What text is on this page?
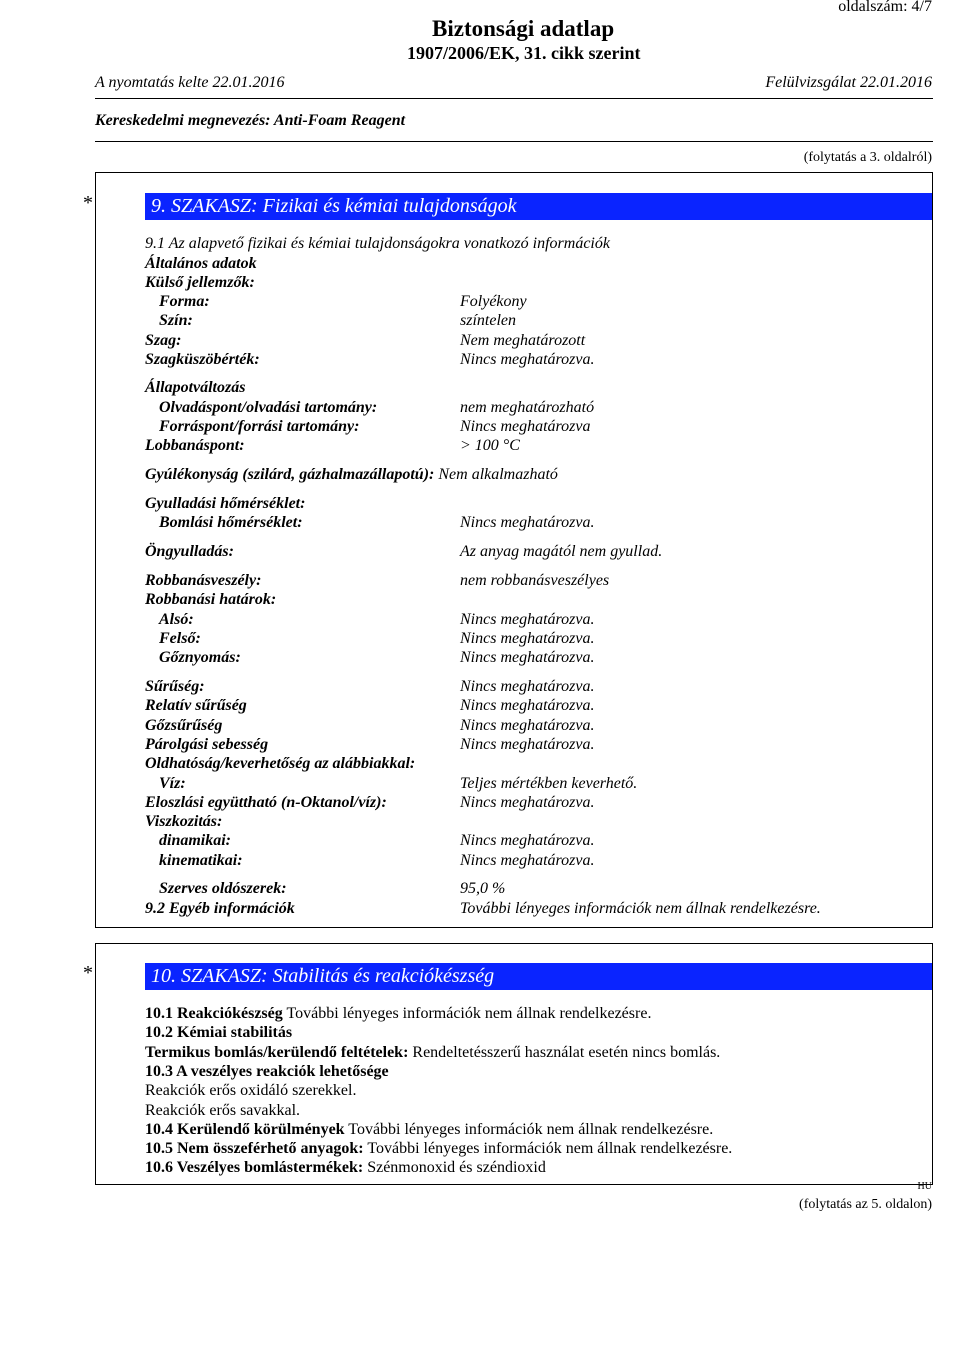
oldalszám: 4/7
Biztonsági adatlap
1907/2006/EK, 31. cikk szerint
A nyomtatás kelte 22.01.2016	Felülvizsgálat 22.01.2016
Kereskedelmi megnevezés: Anti-Foam Reagent
(folytatás a 3. oldalról)
*	9. SZAKASZ: Fizikai és kémiai tulajdonságok
9.1 Az alapvető fizikai és kémiai tulajdonságokra vonatkozó információk
Általános adatok
Külső jellemzők:
Forma:	Folyékony
Szín:	színtelen
Szag:	Nem meghatározott
Szagküszöbérték:	Nincs meghatározva.
Állapotváltozás
Olvadáspont/olvadási tartomány:	nem meghatározható
Forráspont/forrási tartomány:	Nincs meghatározva
Lobbanáspont:	> 100 °C
Gyúlékonyság (szilárd, gázhalmazállapotú): Nem alkalmazható
Gyulladási hőmérséklet:
Bomlási hőmérséklet:	Nincs meghatározva.
Öngyulladás:	Az anyag magától nem gyullad.
Robbanásveszély:	nem robbanásveszélyes
Robbanási határok:
Alsó:	Nincs meghatározva.
Felső:	Nincs meghatározva.
Gőznyomás:	Nincs meghatározva.
Sűrűség:	Nincs meghatározva.
Relatív sűrűség	Nincs meghatározva.
Gőzsűrűség	Nincs meghatározva.
Párolgási sebesség	Nincs meghatározva.
Oldhatóság/keverhetőség az alábbiakkal:
Víz:	Teljes mértékben keverhető.
Eloszlási együttható (n-Oktanol/víz):	Nincs meghatározva.
Viszkozitás:
dinamikai:	Nincs meghatározva.
kinematikai:	Nincs meghatározva.
Szerves oldószerek:	95,0 %
9.2 Egyéb információk	További lényeges információk nem állnak rendelkezésre.
*	10. SZAKASZ: Stabilitás és reakciókészség
10.1 Reakciókészség További lényeges információk nem állnak rendelkezésre.
10.2 Kémiai stabilitás
Termikus bomlás/kerülendő feltételek: Rendeltetésszerű használat esetén nincs bomlás.
10.3 A veszélyes reakciók lehetősége
Reakciók erős oxidáló szerekkel.
Reakciók erős savakkal.
10.4 Kerülendő körülmények További lényeges információk nem állnak rendelkezésre.
10.5 Nem összeférhető anyagok: További lényeges információk nem állnak rendelkezésre.
10.6 Veszélyes bomlástermékek: Szénmonoxid és széndioxid
HU
(folytatás az 5. oldalon)
